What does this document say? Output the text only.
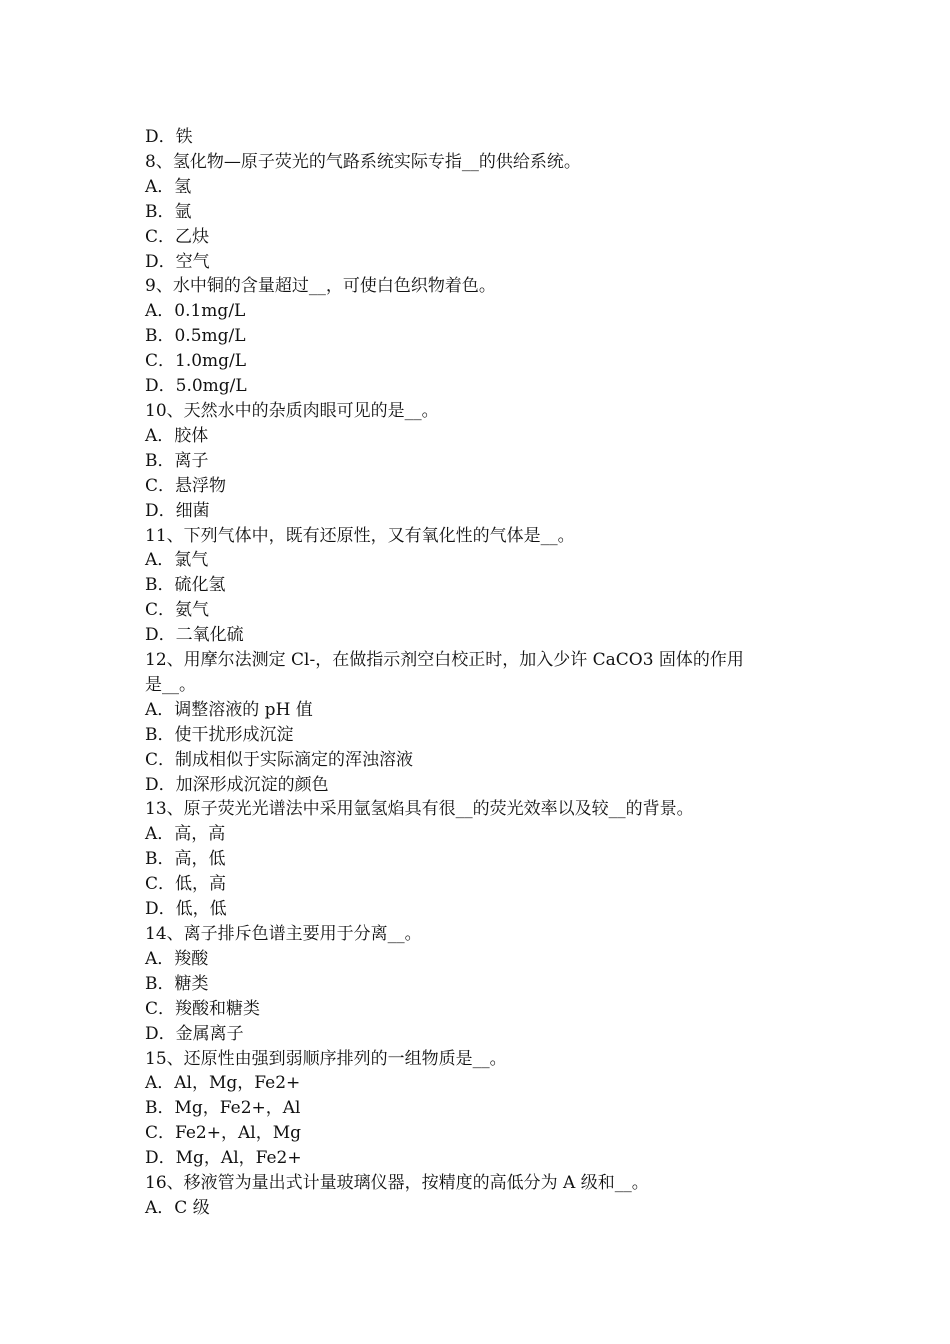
D．铁
8、氢化物—原子荧光的气路系统实际专指__的供给系统。
A．氢
B．氩
C．乙炔
D．空气
9、水中铜的含量超过__，可使白色织物着色。
A．0.1mg/L
B．0.5mg/L
C．1.0mg/L
D．5.0mg/L
10、天然水中的杂质肉眼可见的是__。
A．胶体
B．离子
C．悬浮物
D．细菌
11、下列气体中，既有还原性，又有氧化性的气体是__。
A．氯气
B．硫化氢
C．氨气
D．二氧化硫
12、用摩尔法测定 Cl-，在做指示剂空白校正时，加入少许 CaCO3 固体的作用
是__。
A．调整溶液的 pH 值
B．使干扰形成沉淀
C．制成相似于实际滴定的浑浊溶液
D．加深形成沉淀的颜色
13、原子荧光光谱法中采用氩氢焰具有很__的荧光效率以及较__的背景。
A．高，高
B．高，低
C．低，高
D．低，低
14、离子排斥色谱主要用于分离__。
A．羧酸
B．糖类
C．羧酸和糖类
D．金属离子
15、还原性由强到弱顺序排列的一组物质是__。
A．Al，Mg，Fe2+
B．Mg，Fe2+，Al
C．Fe2+，Al，Mg
D．Mg，Al，Fe2+
16、移液管为量出式计量玻璃仪器，按精度的高低分为 A 级和__。
A．C 级
